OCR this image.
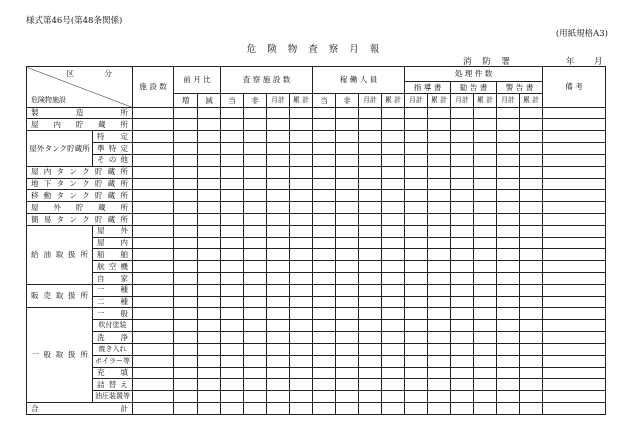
様式第46号(第48条関係)
(用紙規格A3)
危 険 物 査 察 月 報
消 防 署	年 月
区 分
危険物施設		施 設 数	前 月 比		査 察 施 設 数				稼 働 人 員				処 理 件 数						備 考
													指 導 書		勧 告 書		警 告 書		
			増	減	当	非	月計	累 計	当	非	月計	累 計	月計	累 計	月計	累 計	月計	累 計	
製 造 所																			
屋 内 貯 蔵 所																			
屋外タンク貯蔵所	特 定																		
	準 特 定																		
	そ の 他																		
屋 内 タ ン ク 貯 蔵 所																			
地 下 タ ン ク 貯 蔵 所																			
移 動 タ ン ク 貯 蔵 所																			
屋 外 貯 蔵 所																			
簡 易 タ ン ク 貯 蔵 所																			
給 油 取 扱 所	屋 外																		
	屋 内																		
	船 舶																		
	航 空 機																		
	自 家																		
販 売 取 扱 所	一 種																		
	二 種																		
一 般 取 扱 所	一 般																		
	吹付塗装																		
	洗 浄																		
	焼き入れ																		
	ボイラー等																		
	充 填																		
	詰 替 え																		
	油圧装置等																		
合 計																			
